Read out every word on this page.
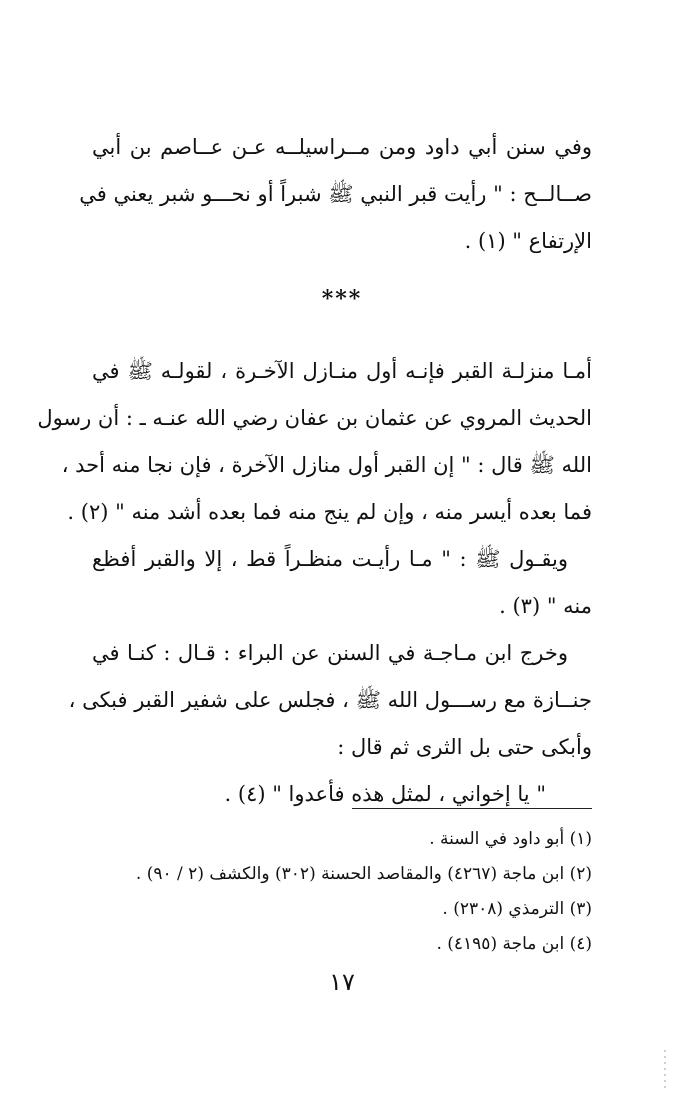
وفي سنن أبي داود ومن مــراسيلــه عـن عــاصم بن أبي
صــالــح : " رأيت قبر النبي ﷺ شبراً أو نحـــو شبر يعني في
الإرتفاع " (١) .
***
أمـا منزلـة القبر فإنـه أول منـازل الآخـرة ، لقولـه ﷺ في
الحديث المروي عن عثمان بن عفان رضي الله عنـه ـ : أن رسول
الله ﷺ قال : " إن القبر أول منازل الآخرة ، فإن نجا منه أحد ،
فما بعده أيسر منه ، وإن لم ينج منه فما بعده أشد منه " (٢) .
ويقـول ﷺ : " مـا رأيـت منظـراً قط ، إلا والقبر أفظع
منه " (٣) .
وخرج ابن مـاجـة في السنن عن البراء : قـال : كنـا في
جنــازة مع رســـول الله ﷺ ، فجلس على شفير القبر فبكى ،
وأبكى حتى بل الثرى ثم قال :
" يا إخواني ، لمثل هذه فأعدوا " (٤) .
(١) أبو داود في السنة .
(٢) ابن ماجة (٤٢٦٧) والمقاصد الحسنة (٣٠٢) والكشف (٢ / ٩٠) .
(٣) الترمذي (٢٣٠٨) .
(٤) ابن ماجة (٤١٩٥) .
١٧
